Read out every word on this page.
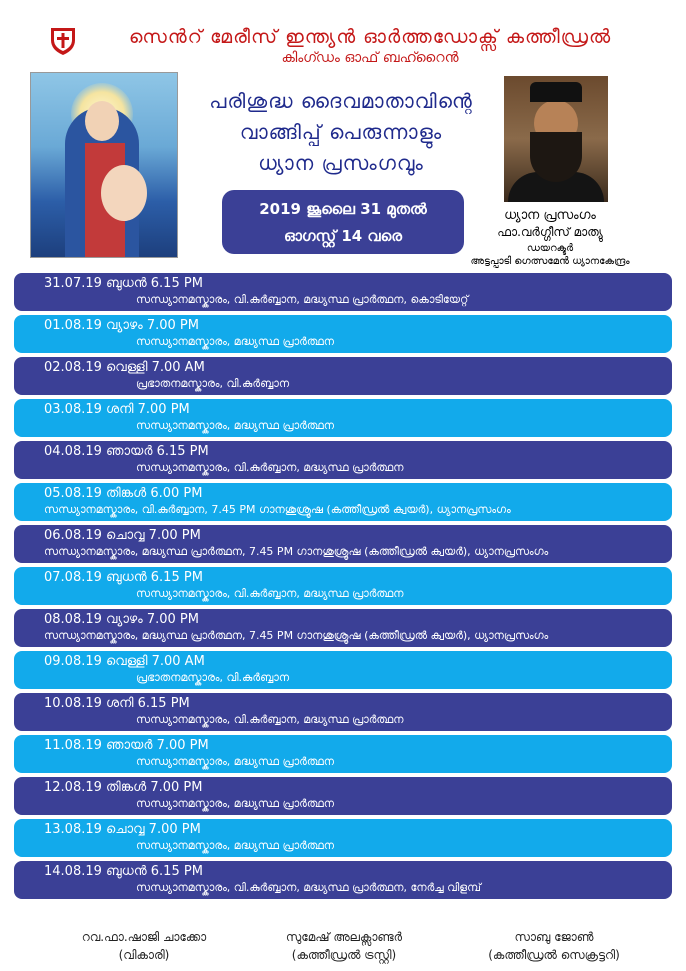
സെൻറ് മേരീസ് ഇന്ത്യൻ ഓർത്തഡോക്സ് കത്തീഡ്രൽ
കിംഗ്ഡം ഓഫ് ബഹ്റൈൻ
പരിശുദ്ധ ദൈവമാതാവിന്റെ
വാങ്ങിപ്പ് പെരുന്നാളും
ധ്യാന പ്രസംഗവും
2019 ജൂലൈ 31 മുതൽ
ഓഗസ്റ്റ് 14 വരെ
ധ്യാന പ്രസംഗം
ഫാ.വർഗ്ഗീസ് മാത്യു
ഡയറക്ടർ
അട്ടപ്പാടി ഗെത്സമേൻ ധ്യാനകേന്ദ്രം
31.07.19 ബുധൻ 6.15 PM
സന്ധ്യാനമസ്കാരം, വി.കുർബ്ബാന, മദ്ധ്യസ്ഥ പ്രാർത്ഥന, കൊടിയേറ്റ്
01.08.19 വ്യാഴം 7.00 PM
സന്ധ്യാനമസ്കാരം, മദ്ധ്യസ്ഥ പ്രാർത്ഥന
02.08.19 വെള്ളി 7.00 AM
പ്രഭാതനമസ്കാരം, വി.കുർബ്ബാന
03.08.19 ശനി 7.00 PM
സന്ധ്യാനമസ്കാരം, മദ്ധ്യസ്ഥ പ്രാർത്ഥന
04.08.19 ഞായർ 6.15 PM
സന്ധ്യാനമസ്കാരം, വി.കുർബ്ബാന, മദ്ധ്യസ്ഥ പ്രാർത്ഥന
05.08.19 തിങ്കൾ 6.00 PM
സന്ധ്യാനമസ്കാരം, വി.കുർബ്ബാന, 7.45 PM ഗാനശുശ്രൂഷ (കത്തീഡ്രൽ ക്വയർ), ധ്യാനപ്രസംഗം
06.08.19 ചൊവ്വ 7.00 PM
സന്ധ്യാനമസ്കാരം, മദ്ധ്യസ്ഥ പ്രാർത്ഥന, 7.45 PM ഗാനശുശ്രൂഷ (കത്തീഡ്രൽ ക്വയർ), ധ്യാനപ്രസംഗം
07.08.19 ബുധൻ 6.15 PM
സന്ധ്യാനമസ്കാരം, വി.കുർബ്ബാന, മദ്ധ്യസ്ഥ പ്രാർത്ഥന
08.08.19 വ്യാഴം 7.00 PM
സന്ധ്യാനമസ്കാരം, മദ്ധ്യസ്ഥ പ്രാർത്ഥന, 7.45 PM ഗാനശുശ്രൂഷ (കത്തീഡ്രൽ ക്വയർ), ധ്യാനപ്രസംഗം
09.08.19 വെള്ളി 7.00 AM
പ്രഭാതനമസ്കാരം, വി.കുർബ്ബാന
10.08.19 ശനി 6.15 PM
സന്ധ്യാനമസ്കാരം, വി.കുർബ്ബാന, മദ്ധ്യസ്ഥ പ്രാർത്ഥന
11.08.19 ഞായർ 7.00 PM
സന്ധ്യാനമസ്കാരം, മദ്ധ്യസ്ഥ പ്രാർത്ഥന
12.08.19 തിങ്കൾ 7.00 PM
സന്ധ്യാനമസ്കാരം, മദ്ധ്യസ്ഥ പ്രാർത്ഥന
13.08.19 ചൊവ്വ 7.00 PM
സന്ധ്യാനമസ്കാരം, മദ്ധ്യസ്ഥ പ്രാർത്ഥന
14.08.19 ബുധൻ 6.15 PM
സന്ധ്യാനമസ്കാരം, വി.കുർബ്ബാന, മദ്ധ്യസ്ഥ പ്രാർത്ഥന, നേർച്ച വിളമ്പ്
റവ.ഫാ.ഷാജി ചാക്കോ
(വികാരി)
സുമേഷ് അലക്സാണ്ടർ
(കത്തീഡ്രൽ ട്രസ്റ്റി)
സാബു ജോൺ
(കത്തീഡ്രൽ സെക്രട്ടറി)
